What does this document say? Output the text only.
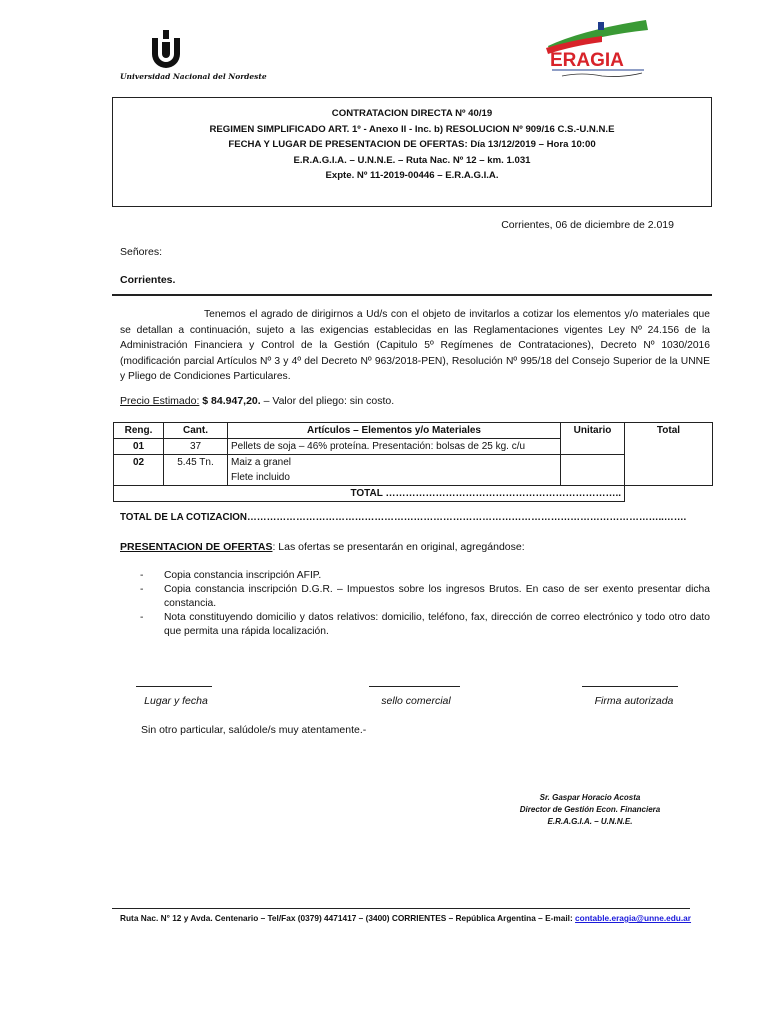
Universidad Nacional del Nordeste
ERAGIA
CONTRATACION DIRECTA Nº 40/19
REGIMEN SIMPLIFICADO ART. 1º - Anexo II - Inc. b) RESOLUCION Nº 909/16 C.S.-U.N.N.E
FECHA Y LUGAR DE PRESENTACION DE OFERTAS: Día 13/12/2019 – Hora 10:00
E.R.A.G.I.A. – U.N.N.E. – Ruta Nac. Nº 12 – km. 1.031
Expte. Nº 11-2019-00446 – E.R.A.G.I.A.
Corrientes, 06 de diciembre de 2.019
Señores:
Corrientes.
Tenemos el agrado de dirigirnos a Ud/s con el objeto de invitarlos a cotizar los elementos y/o materiales que se detallan a continuación, sujeto a las exigencias establecidas en las Reglamentaciones vigentes Ley Nº 24.156 de la Administración Financiera y Control de la Gestión (Capitulo 5º Regímenes de Contrataciones), Decreto Nº 1030/2016 (modificación parcial Artículos Nº 3 y 4º del Decreto Nº 963/2018-PEN), Resolución Nº 995/18 del Consejo Superior de la UNNE y Pliego de Condiciones Particulares.
Precio Estimado: $ 84.947,20. – Valor del pliego: sin costo.
Reng.	Cant.	Artículos – Elementos y/o Materiales	Unitario	Total
01	37	Pellets de soja – 46% proteína. Presentación: bolsas de 25 kg. c/u		
02	5.45 Tn.	Maiz a granel
Flete incluido		

TOTAL ……………………………………………………………..				
TOTAL DE LA COTIZACION………………………………………………………………………………………………………………..…….
PRESENTACION DE OFERTAS: Las ofertas se presentarán en original, agregándose:
- Copia constancia inscripción AFIP.
- Copia constancia inscripción D.G.R. – Impuestos sobre los ingresos Brutos. En caso de ser exento presentar dicha constancia.
- Nota constituyendo domicilio y datos relativos: domicilio, teléfono, fax, dirección de correo electrónico y todo otro dato que permita una rápida localización.
Lugar y fecha	sello comercial	Firma autorizada
Sin otro particular, salúdole/s muy atentamente.-
Sr. Gaspar Horacio Acosta
Director de Gestión Econ. Financiera
E.R.A.G.I.A. – U.N.N.E.
Ruta Nac. N° 12 y Avda. Centenario – Tel/Fax (0379) 4471417 – (3400) CORRIENTES – República Argentina – E-mail: contable.eragia@unne.edu.ar
